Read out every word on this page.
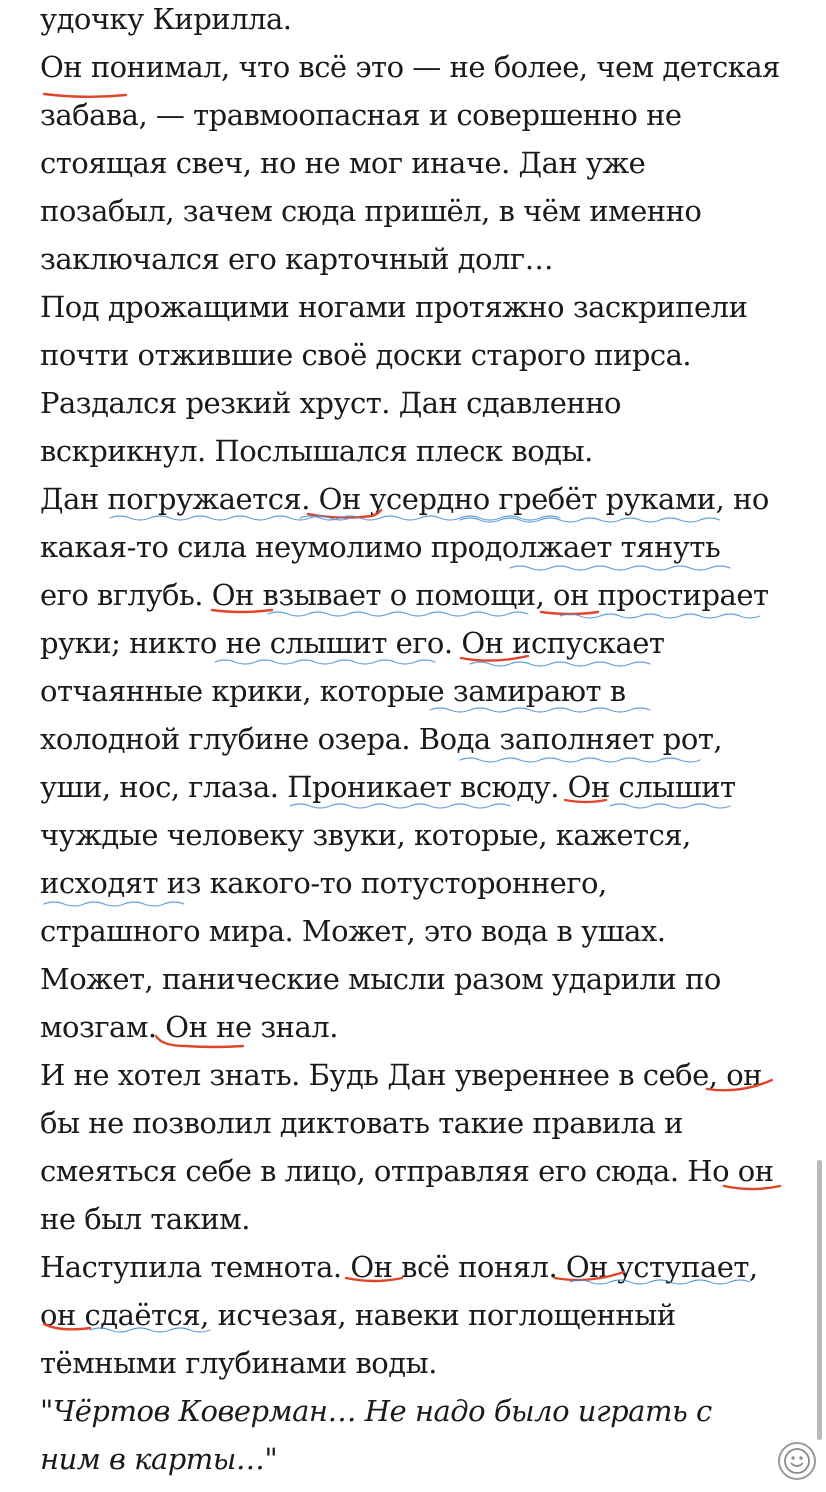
удочку Кирилла.
Он понимал, что всё это — не более, чем детская
забава, — травмоопасная и совершенно не
стоящая свеч, но не мог иначе. Дан уже
позабыл, зачем сюда пришёл, в чём именно
заключался его карточный долг…
Под дрожащими ногами протяжно заскрипели
почти отжившие своё доски старого пирса.
Раздался резкий хруст. Дан сдавленно
вскрикнул. Послышался плеск воды.
Дан погружается. Он усердно гребёт руками, но
какая-то сила неумолимо продолжает тянуть
его вглубь. Он взывает о помощи, он простирает
руки; никто не слышит его. Он испускает
отчаянные крики, которые замирают в
холодной глубине озера. Вода заполняет рот,
уши, нос, глаза. Проникает всюду. Он слышит
чуждые человеку звуки, которые, кажется,
исходят из какого-то потустороннего,
страшного мира. Может, это вода в ушах.
Может, панические мысли разом ударили по
мозгам. Он не знал.
И не хотел знать. Будь Дан увереннее в себе, он
бы не позволил диктовать такие правила и
смеяться себе в лицо, отправляя его сюда. Но он
не был таким.
Наступила темнота. Он всё понял. Он уступает,
он сдаётся, исчезая, навеки поглощенный
тёмными глубинами воды.
"Чёртов Коверман… Не надо было играть с
ним в карты…"
